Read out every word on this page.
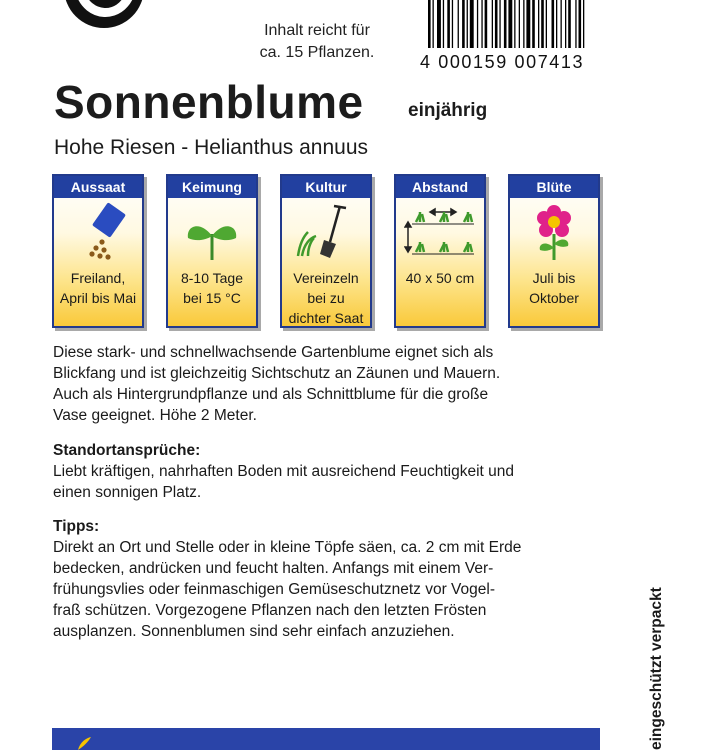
Inhalt reicht für
ca. 15 Pflanzen.	4 000159 007413
Sonnenblume einjährig
Hohe Riesen - Helianthus annuus
Aussaat
Freiland,
April bis Mai
Keimung
8-10 Tage
bei 15 °C
Kultur
Vereinzeln
bei zu
dichter Saat
Abstand
40 x 50 cm
Blüte
Juli bis
Oktober
Diese stark- und schnellwachsende Gartenblume eignet sich als
Blickfang und ist gleichzeitig Sichtschutz an Zäunen und Mauern.
Auch als Hintergrundpflanze und als Schnittblume für die große
Vase geeignet. Höhe 2 Meter.
Standortansprüche:
Liebt kräftigen, nahrhaften Boden mit ausreichend Feuchtigkeit und
einen sonnigen Platz.
Tipps:
Direkt an Ort und Stelle oder in kleine Töpfe säen, ca. 2 cm mit Erde
bedecken, andrücken und feucht halten. Anfangs mit einem Ver-
frühungsvlies oder feinmaschigen Gemüseschutznetz vor Vogel-
fraß schützen. Vorgezogene Pflanzen nach den letzten Frösten
ausplanzen. Sonnenblumen sind sehr einfach anzuziehen.	eingeschützt verpackt
